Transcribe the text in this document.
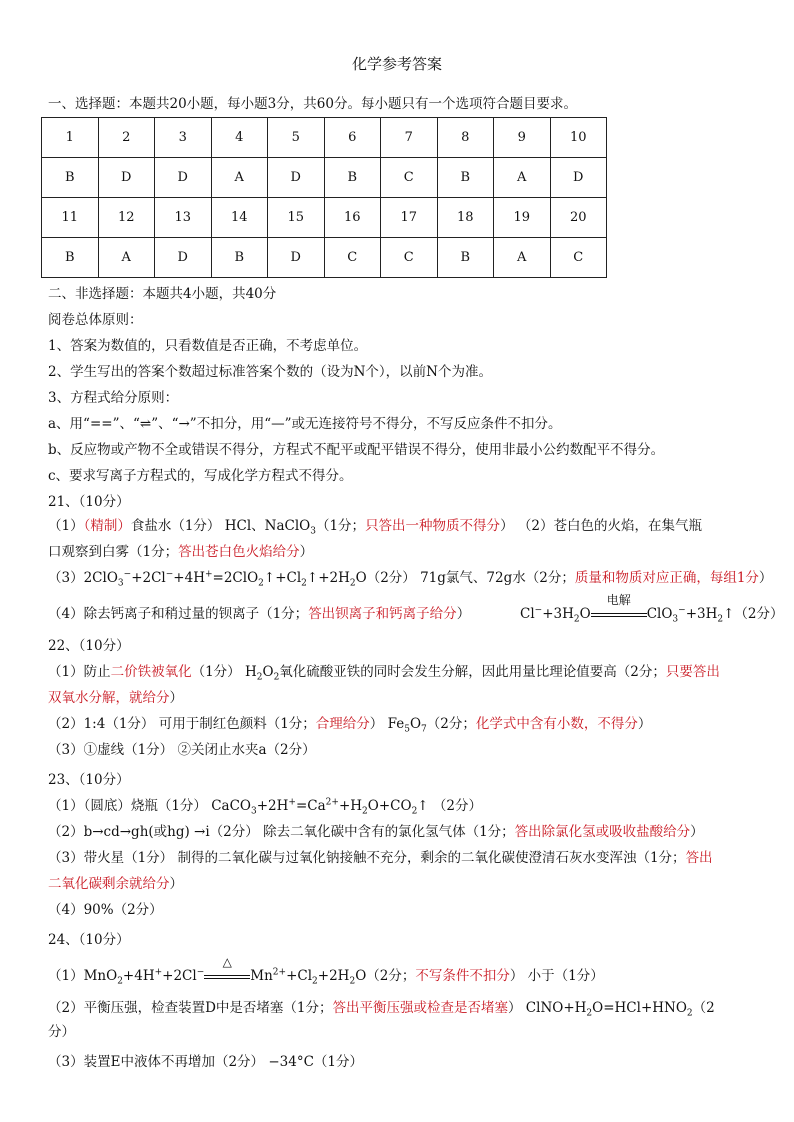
化学参考答案
一、选择题：本题共20小题，每小题3分，共60分。每小题只有一个选项符合题目要求。
1	2	3	4	5	6	7	8	9	10
B	D	D	A	D	B	C	B	A	D
11	12	13	14	15	16	17	18	19	20
B	A	D	B	D	C	C	B	A	C
二、非选择题：本题共4小题，共40分
阅卷总体原则：
1、答案为数值的，只看数值是否正确，不考虑单位。
2、学生写出的答案个数超过标准答案个数的（设为N个），以前N个为准。
3、方程式给分原则：
a、用“==”、“⇌”、“→”不扣分，用“—”或无连接符号不得分，不写反应条件不扣分。
b、反应物或产物不全或错误不得分，方程式不配平或配平错误不得分，使用非最小公约数配平不得分。
c、要求写离子方程式的，写成化学方程式不得分。
21、（10分）
（1）（精制）食盐水（1分） HCl、NaClO$_3$（1分；只答出一种物质不得分） （2）苍白色的火焰，在集气瓶
口观察到白雾（1分；答出苍白色火焰给分）
$(3)2ClO_3^-+2Cl^-+4H^+=2ClO_2↑+Cl_2↑+2H_2O(2$分） 71g氯气、72g水（2分；质量和物质对应正确，每组1分）
（4）除去钙离子和稍过量的钡离子（1分；答出钡离子和钙离子给分）	$Cl^-+3H_2O$
电解
$ClO_3^-+3H_2↑(2$分）
22、（10分）
（1）防止二价铁被氧化（1分） $H_2O_2$氧化硫酸亚铁的同时会发生分解，因此用量比理论值要高（2分；只要答出
双氧水分解，就给分）
（2）1:4（1分） 可用于制红色颜料（1分；合理给分） $Fe_5O_7(2$分；化学式中含有小数，不得分）
（3）①虚线（1分） ②关闭止水夹a（2分）
23、（10分）
（1）（圆底）烧瓶（1分） $CaCO_3+2H^+=Ca^{2+}+H_2O+CO_2↑$ （2分）
（2）b→cd→gh(或hg) →i（2分） 除去二氧化碳中含有的氯化氢气体（1分；答出除氯化氢或吸收盐酸给分）
（3）带火星（1分） 制得的二氧化碳与过氧化钠接触不充分，剩余的二氧化碳使澄清石灰水变浑浊（1分；答出
二氧化碳剩余就给分）
（4）90%（2分）
24、（10分）
（1）MnO$_2$+4H++2Cl−
△
$Mn^{2+}+Cl_2+2H_2O(2$分；不写条件不扣分） 小于（1分）
（2）平衡压强，检查装置D中是否堵塞（1分；答出平衡压强或检查是否堵塞） $ClNO+H_2O=HCl+HNO_2(2$
分）
（3）装置E中液体不再增加（2分） −34°C（1分）
